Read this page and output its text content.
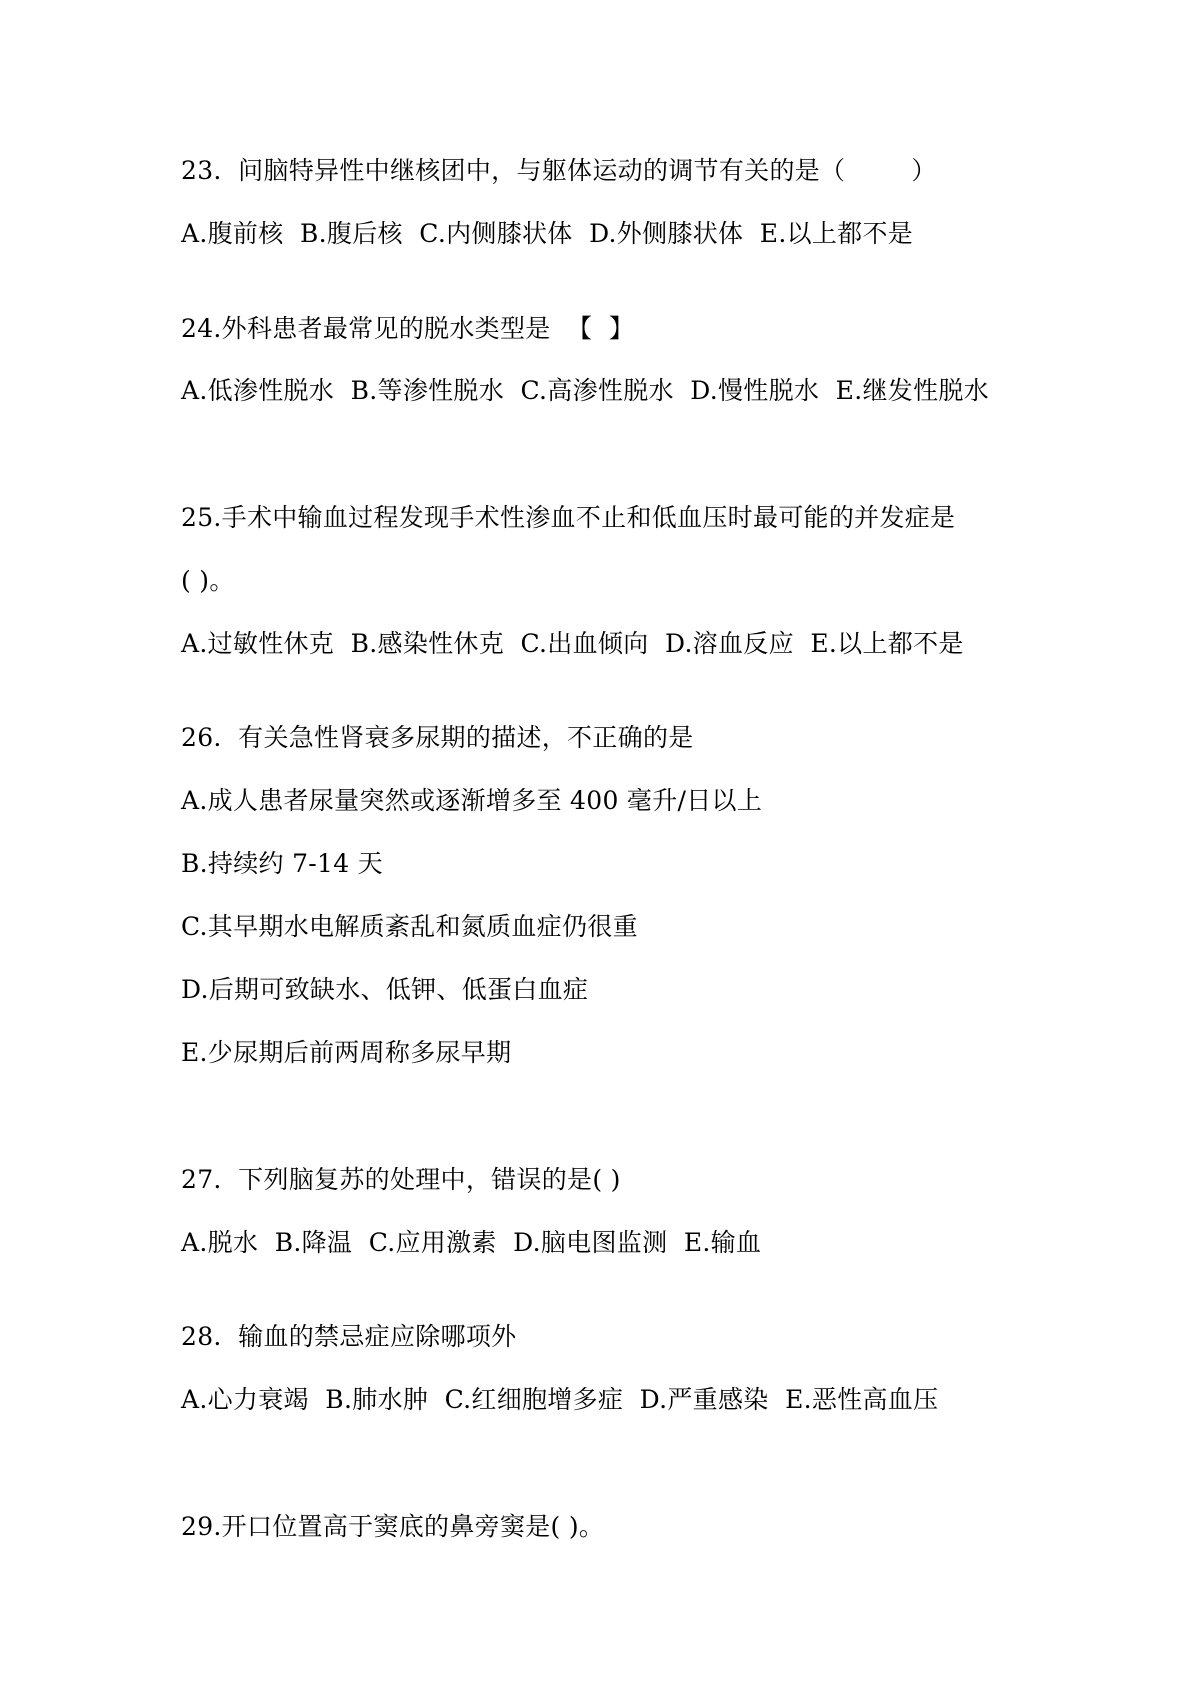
23.  问脑特异性中继核团中，与躯体运动的调节有关的是（        ）
A.腹前核  B.腹后核  C.内侧膝状体  D.外侧膝状体  E.以上都不是
24.外科患者最常见的脱水类型是  【  】
A.低渗性脱水  B.等渗性脱水  C.高渗性脱水  D.慢性脱水  E.继发性脱水
25.手术中输血过程发现手术性渗血不止和低血压时最可能的并发症是
( )。
A.过敏性休克  B.感染性休克  C.出血倾向  D.溶血反应  E.以上都不是
26.  有关急性肾衰多尿期的描述，不正确的是
A.成人患者尿量突然或逐渐增多至 400 毫升/日以上
B.持续约 7-14 天
C.其早期水电解质紊乱和氮质血症仍很重
D.后期可致缺水、低钾、低蛋白血症
E.少尿期后前两周称多尿早期
27.  下列脑复苏的处理中，错误的是( )
A.脱水  B.降温  C.应用激素  D.脑电图监测  E.输血
28.  输血的禁忌症应除哪项外
A.心力衰竭  B.肺水肿  C.红细胞增多症  D.严重感染  E.恶性高血压
29.开口位置高于窦底的鼻旁窦是( )。
